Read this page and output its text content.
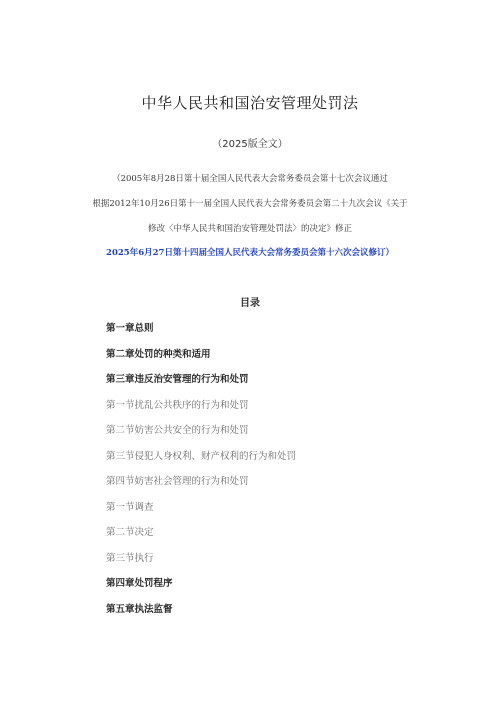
中华人民共和国治安管理处罚法
（2025版全文）
（2005年8月28日第十届全国人民代表大会常务委员会第十七次会议通过
根据2012年10月26日第十一届全国人民代表大会常务委员会第二十九次会议《关于
修改〈中华人民共和国治安管理处罚法〉的决定》修正
2025年6月27日第十四届全国人民代表大会常务委员会第十六次会议修订）
目录
第一章总则
第二章处罚的种类和适用
第三章违反治安管理的行为和处罚
第一节扰乱公共秩序的行为和处罚
第二节妨害公共安全的行为和处罚
第三节侵犯人身权利、财产权利的行为和处罚
第四节妨害社会管理的行为和处罚
第一节调查
第二节决定
第三节执行
第四章处罚程序
第五章执法监督
